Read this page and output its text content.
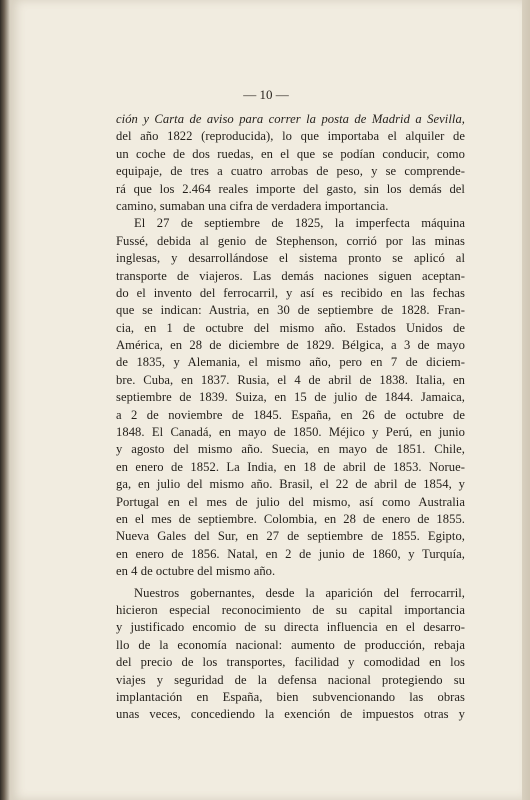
— 10 —
ción y Carta de aviso para correr la posta de Madrid a Sevilla,
del año 1822 (reproducida), lo que importaba el alquiler de
un coche de dos ruedas, en el que se podían conducir, como
equipaje, de tres a cuatro arrobas de peso, y se comprende-
rá que los 2.464 reales importe del gasto, sin los demás del
camino, sumaban una cifra de verdadera importancia.
El 27 de septiembre de 1825, la imperfecta máquina
Fussé, debida al genio de Stephenson, corrió por las minas
inglesas, y desarrollándose el sistema pronto se aplicó al
transporte de viajeros. Las demás naciones siguen aceptan-
do el invento del ferrocarril, y así es recibido en las fechas
que se indican: Austria, en 30 de septiembre de 1828. Fran-
cia, en 1 de octubre del mismo año. Estados Unidos de
América, en 28 de diciembre de 1829. Bélgica, a 3 de mayo
de 1835, y Alemania, el mismo año, pero en 7 de diciem-
bre. Cuba, en 1837. Rusia, el 4 de abril de 1838. Italia, en
septiembre de 1839. Suiza, en 15 de julio de 1844. Jamaica,
a 2 de noviembre de 1845. España, en 26 de octubre de
1848. El Canadá, en mayo de 1850. Méjico y Perú, en junio
y agosto del mismo año. Suecia, en mayo de 1851. Chile,
en enero de 1852. La India, en 18 de abril de 1853. Norue-
ga, en julio del mismo año. Brasil, el 22 de abril de 1854, y
Portugal en el mes de julio del mismo, así como Australia
en el mes de septiembre. Colombia, en 28 de enero de 1855.
Nueva Gales del Sur, en 27 de septiembre de 1855. Egipto,
en enero de 1856. Natal, en 2 de junio de 1860, y Turquía,
en 4 de octubre del mismo año.
Nuestros gobernantes, desde la aparición del ferrocarril,
hicieron especial reconocimiento de su capital importancia
y justificado encomio de su directa influencia en el desarro-
llo de la economía nacional: aumento de producción, rebaja
del precio de los transportes, facilidad y comodidad en los
viajes y seguridad de la defensa nacional protegiendo su
implantación en España, bien subvencionando las obras
unas veces, concediendo la exención de impuestos otras y
